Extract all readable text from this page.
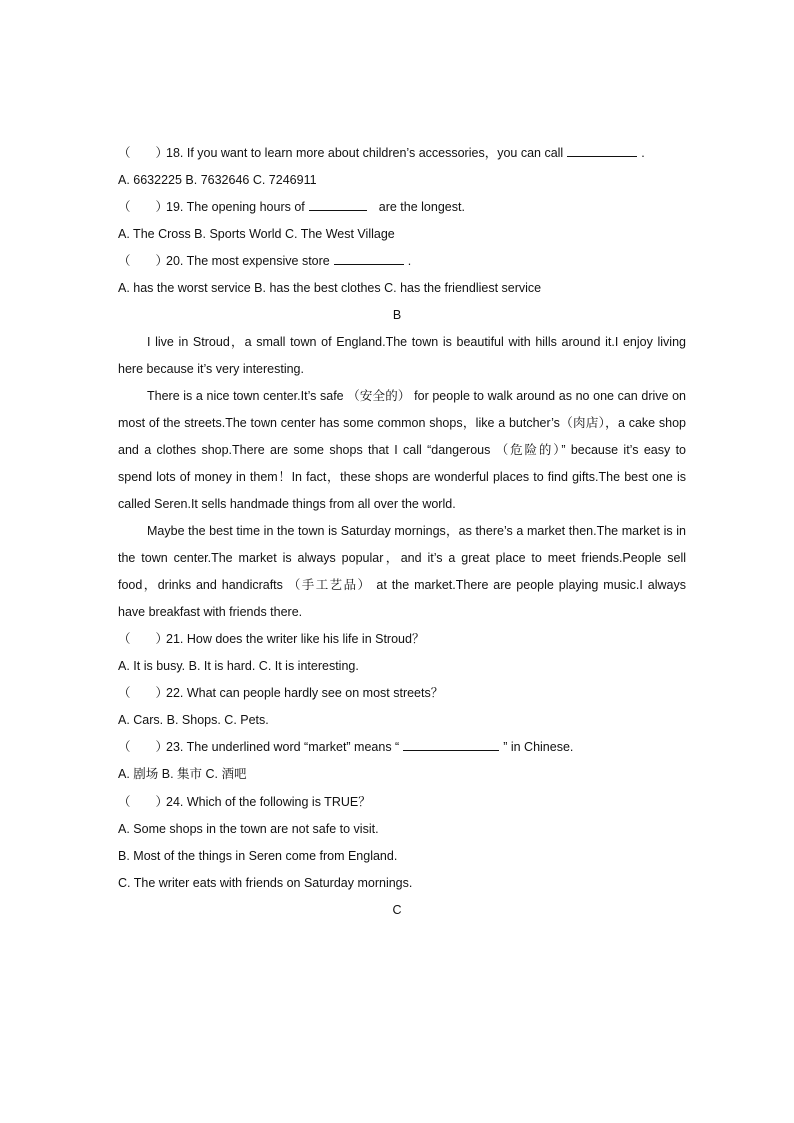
（　　）18. If you want to learn more about children’s accessories，you can call	.
A. 6632225 B. 7632646 C. 7246911
（　　）19. The opening hours of	are the longest.
A. The Cross B. Sports World C. The West Village
（　　）20. The most expensive store	.
A. has the worst service B. has the best clothes C. has the friendliest service
B

I live in Stroud，a small town of England.The town is beautiful with hills around it.I enjoy living here because it’s very interesting.

There is a nice town center.It’s safe （安全的） for people to walk around as no one can drive on most of the streets.The town center has some common shops，like a butcher’s（肉店），a cake shop and a clothes shop.There are some shops that I call “dangerous （危险的）” because it’s easy to spend lots of money in them！In fact，these shops are wonderful places to find gifts.The best one is called Seren.It sells handmade things from all over the world.

Maybe the best time in the town is Saturday mornings，as there’s a market then.The market is in the town center.The market is always popular，and it’s a great place to meet friends.People sell food，drinks and handicrafts （手工艺品） at the market.There are people playing music.I always have breakfast with friends there.

（　　）21. How does the writer like his life in Stroud？
A. It is busy. B. It is hard. C. It is interesting.
（　　）22. What can people hardly see on most streets？
A. Cars. B. Shops. C. Pets.
（　　）23. The underlined word “market” means “	” in Chinese.
A. 剧场 B. 集市 C. 酒吧
（　　）24. Which of the following is TRUE？
A. Some shops in the town are not safe to visit.
B. Most of the things in Seren come from England.
C. The writer eats with friends on Saturday mornings.
C
